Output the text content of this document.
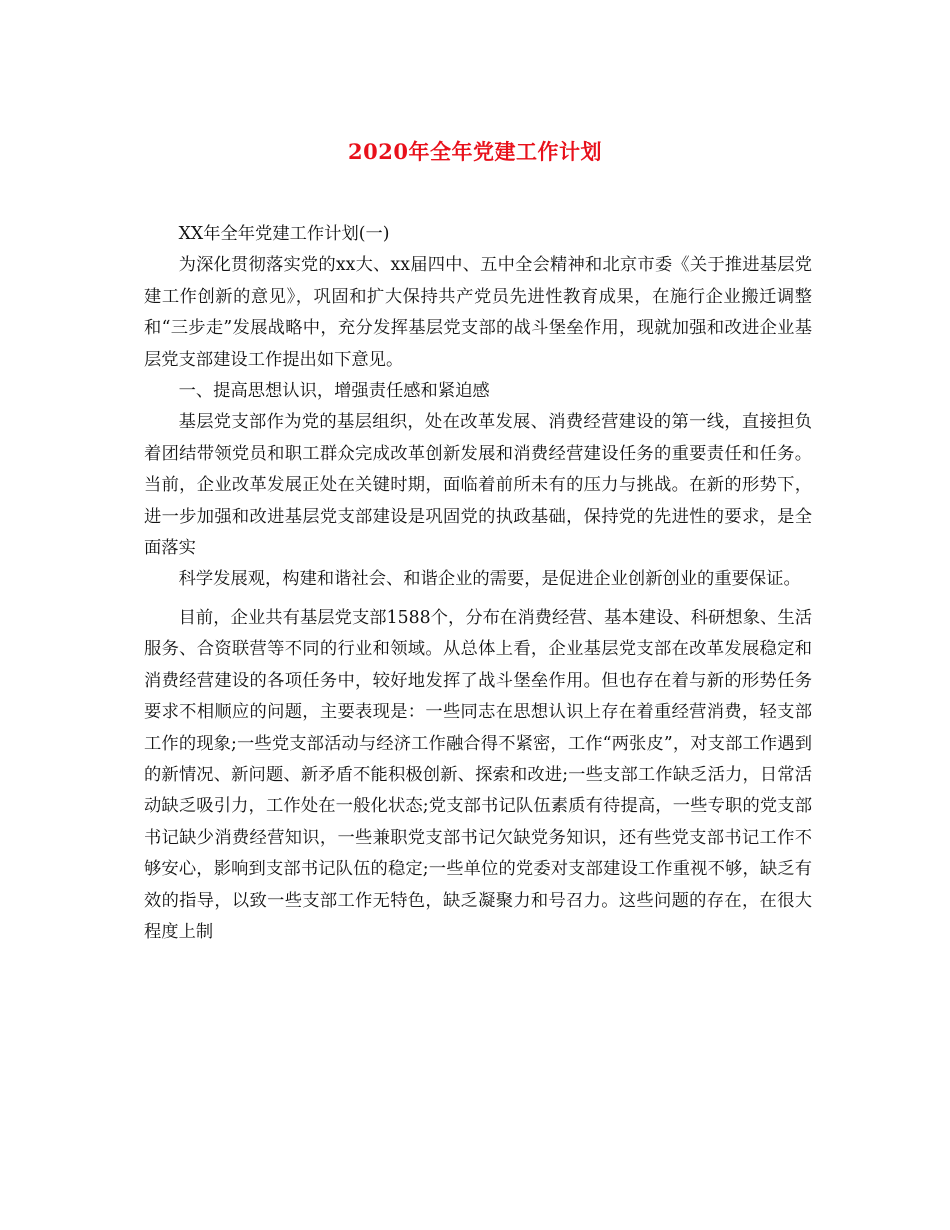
2020年全年党建工作计划

XX年全年党建工作计划(一)

为深化贯彻落实党的xx大、xx届四中、五中全会精神和北京市委《关于推进基层党建工作创新的意见》，巩固和扩大保持共产党员先进性教育成果，在施行企业搬迁调整和“三步走”发展战略中，充分发挥基层党支部的战斗堡垒作用，现就加强和改进企业基层党支部建设工作提出如下意见。

一、提高思想认识，增强责任感和紧迫感

基层党支部作为党的基层组织，处在改革发展、消费经营建设的第一线，直接担负着团结带领党员和职工群众完成改革创新发展和消费经营建设任务的重要责任和任务。当前，企业改革发展正处在关键时期，面临着前所未有的压力与挑战。在新的形势下，进一步加强和改进基层党支部建设是巩固党的执政基础，保持党的先进性的要求，是全面落实

科学发展观，构建和谐社会、和谐企业的需要，是促进企业创新创业的重要保证。

目前，企业共有基层党支部1588个，分布在消费经营、基本建设、科研想象、生活服务、合资联营等不同的行业和领域。从总体上看，企业基层党支部在改革发展稳定和消费经营建设的各项任务中，较好地发挥了战斗堡垒作用。但也存在着与新的形势任务要求不相顺应的问题，主要表现是：一些同志在思想认识上存在着重经营消费，轻支部工作的现象;一些党支部活动与经济工作融合得不紧密，工作“两张皮”，对支部工作遇到的新情况、新问题、新矛盾不能积极创新、探索和改进;一些支部工作缺乏活力，日常活动缺乏吸引力，工作处在一般化状态;党支部书记队伍素质有待提高，一些专职的党支部书记缺少消费经营知识，一些兼职党支部书记欠缺党务知识，还有些党支部书记工作不够安心，影响到支部书记队伍的稳定;一些单位的党委对支部建设工作重视不够，缺乏有效的指导，以致一些支部工作无特色，缺乏凝聚力和号召力。这些问题的存在，在很大程度上制
